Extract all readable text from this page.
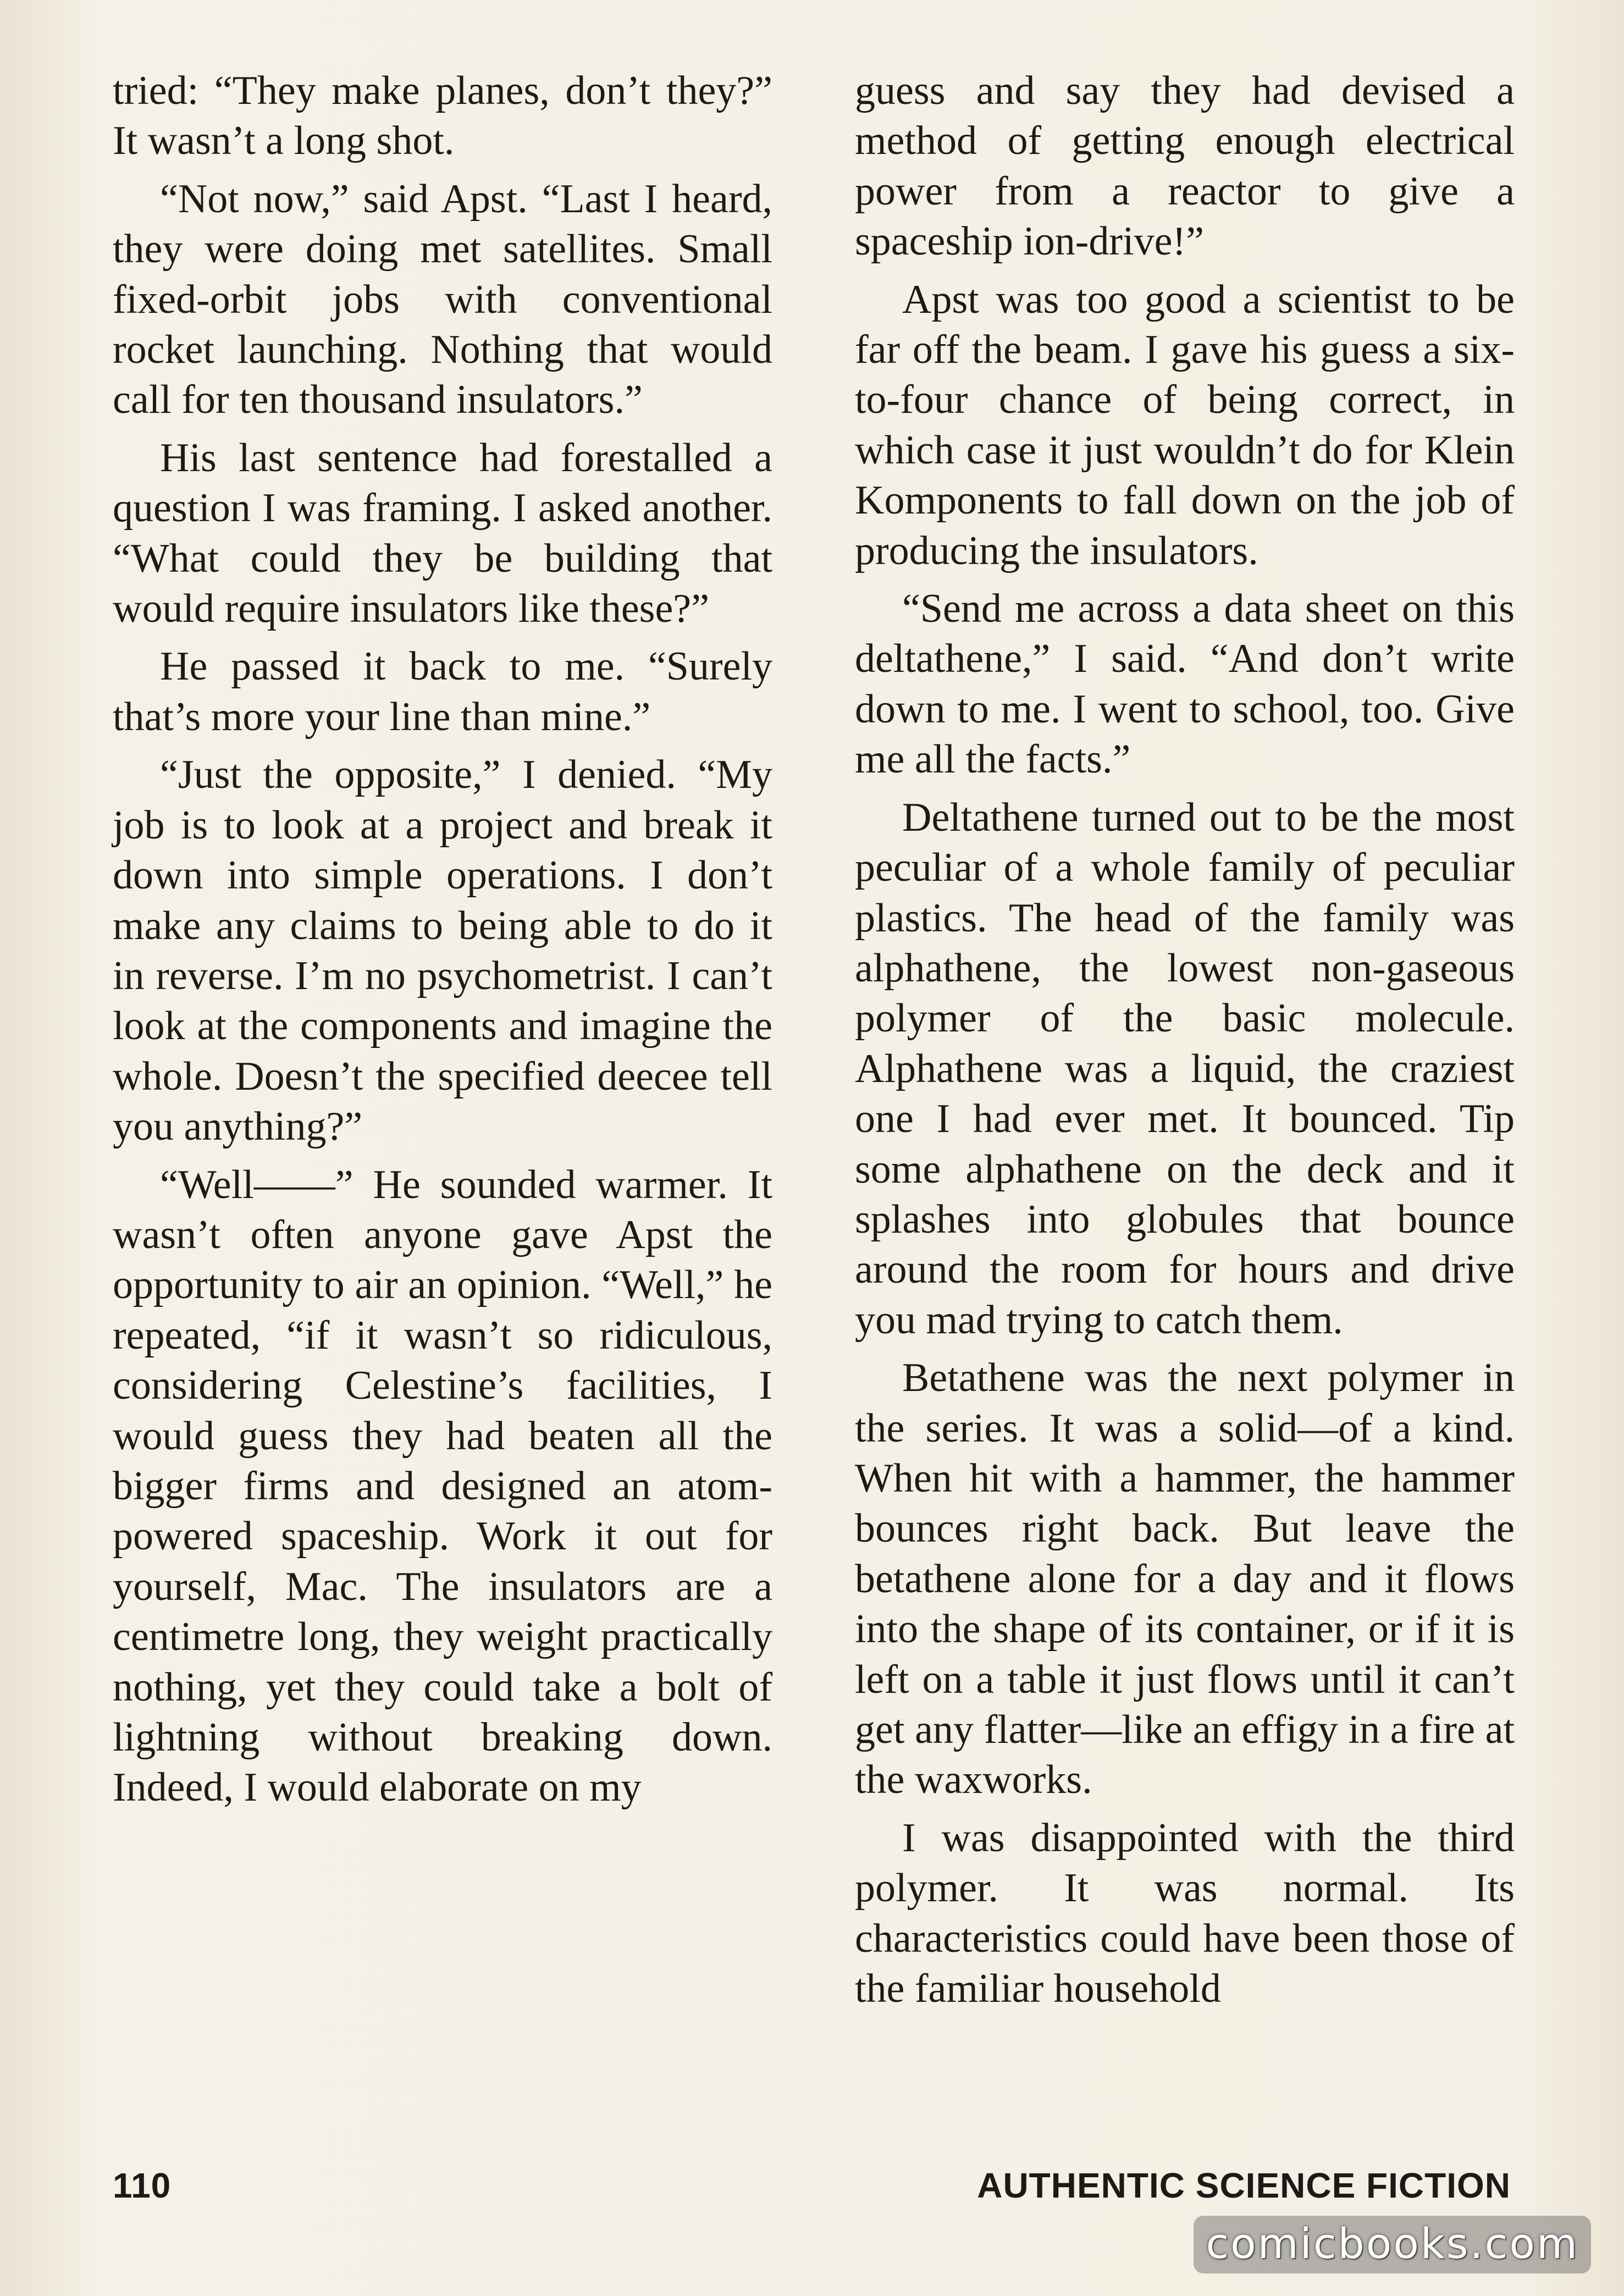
tried: “They make planes, don’t they?” It wasn’t a long shot.

“Not now,” said Apst. “Last I heard, they were doing met satellites. Small fixed-orbit jobs with conventional rocket launching. Nothing that would call for ten thousand insulators.”

His last sentence had forestalled a question I was framing. I asked another. “What could they be building that would require insulators like these?”

He passed it back to me. “Surely that’s more your line than mine.”

“Just the opposite,” I denied. “My job is to look at a project and break it down into simple operations. I don’t make any claims to being able to do it in reverse. I’m no psychometrist. I can’t look at the components and imagine the whole. Doesn’t the specified deecee tell you anything?”

“Well——” He sounded warmer. It wasn’t often anyone gave Apst the opportunity to air an opinion. “Well,” he repeated, “if it wasn’t so ridiculous, considering Celestine’s facilities, I would guess they had beaten all the bigger firms and designed an atom-powered spaceship. Work it out for yourself, Mac. The insulators are a centimetre long, they weight practically nothing, yet they could take a bolt of lightning without breaking down. Indeed, I would elaborate on my

guess and say they had devised a method of getting enough electrical power from a reactor to give a spaceship ion-drive!”

Apst was too good a scientist to be far off the beam. I gave his guess a six-to-four chance of being correct, in which case it just wouldn’t do for Klein Komponents to fall down on the job of producing the insulators.

“Send me across a data sheet on this deltathene,” I said. “And don’t write down to me. I went to school, too. Give me all the facts.”

Deltathene turned out to be the most peculiar of a whole family of peculiar plastics. The head of the family was alphathene, the lowest non-gaseous polymer of the basic molecule. Alphathene was a liquid, the craziest one I had ever met. It bounced. Tip some alphathene on the deck and it splashes into globules that bounce around the room for hours and drive you mad trying to catch them.

Betathene was the next polymer in the series. It was a solid—of a kind. When hit with a hammer, the hammer bounces right back. But leave the betathene alone for a day and it flows into the shape of its container, or if it is left on a table it just flows until it can’t get any flatter—like an effigy in a fire at the waxworks.

I was disappointed with the third polymer. It was normal. Its characteristics could have been those of the familiar household

110	AUTHENTIC SCIENCE FICTION
comicbooks.com
